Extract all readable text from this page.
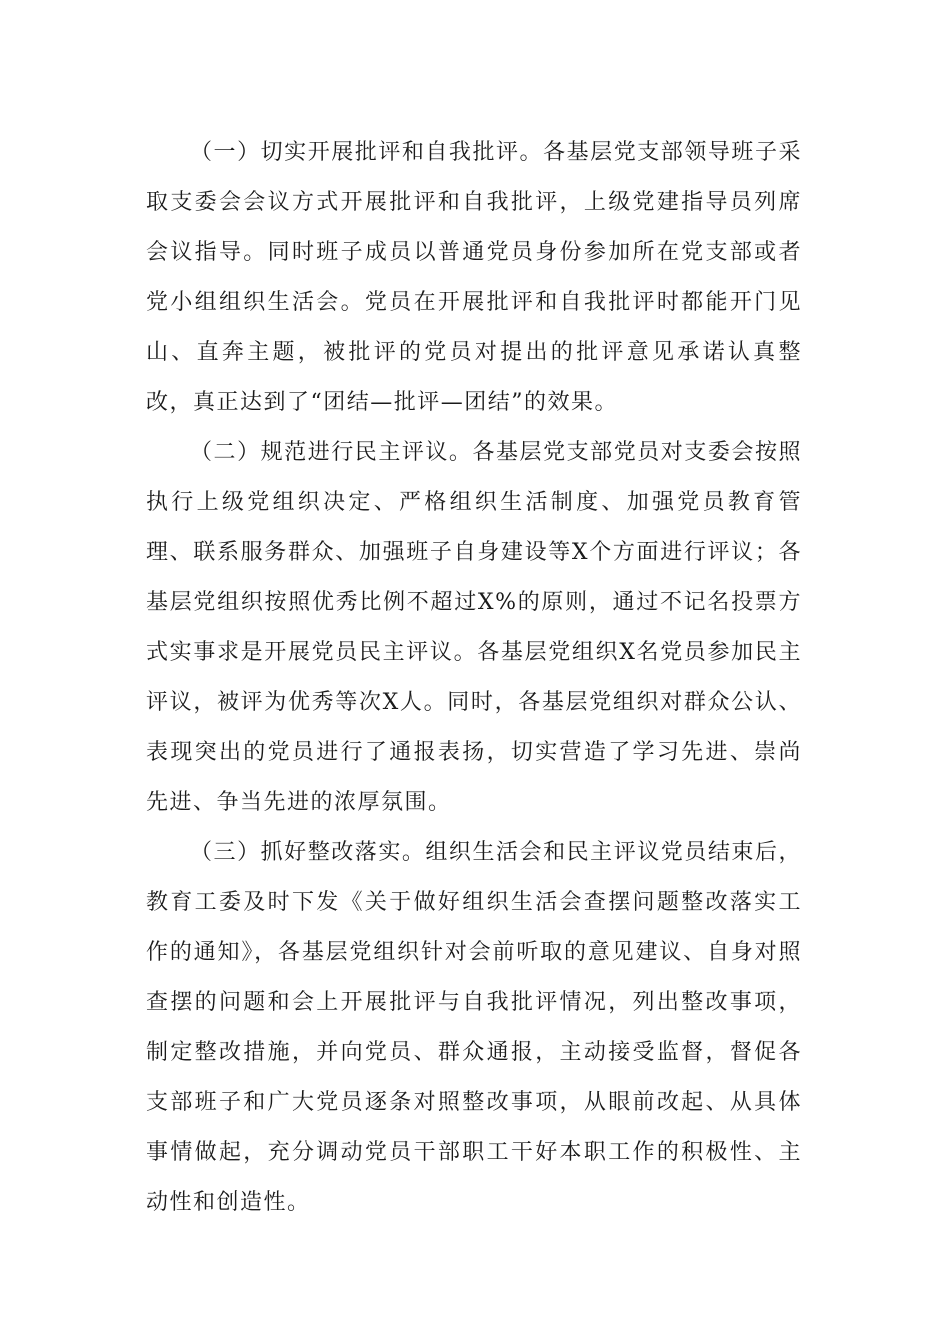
（一）切实开展批评和自我批评。各基层党支部领导班子采取支委会会议方式开展批评和自我批评，上级党建指导员列席会议指导。同时班子成员以普通党员身份参加所在党支部或者党小组组织生活会。党员在开展批评和自我批评时都能开门见山、直奔主题，被批评的党员对提出的批评意见承诺认真整改，真正达到了“团结—批评—团结”的效果。

（二）规范进行民主评议。各基层党支部党员对支委会按照执行上级党组织决定、严格组织生活制度、加强党员教育管理、联系服务群众、加强班子自身建设等X个方面进行评议；各基层党组织按照优秀比例不超过X%的原则，通过不记名投票方式实事求是开展党员民主评议。各基层党组织X名党员参加民主评议，被评为优秀等次X人。同时，各基层党组织对群众公认、表现突出的党员进行了通报表扬，切实营造了学习先进、崇尚先进、争当先进的浓厚氛围。

（三）抓好整改落实。组织生活会和民主评议党员结束后，教育工委及时下发《关于做好组织生活会查摆问题整改落实工作的通知》，各基层党组织针对会前听取的意见建议、自身对照查摆的问题和会上开展批评与自我批评情况，列出整改事项，制定整改措施，并向党员、群众通报，主动接受监督，督促各支部班子和广大党员逐条对照整改事项，从眼前改起、从具体事情做起，充分调动党员干部职工干好本职工作的积极性、主动性和创造性。
